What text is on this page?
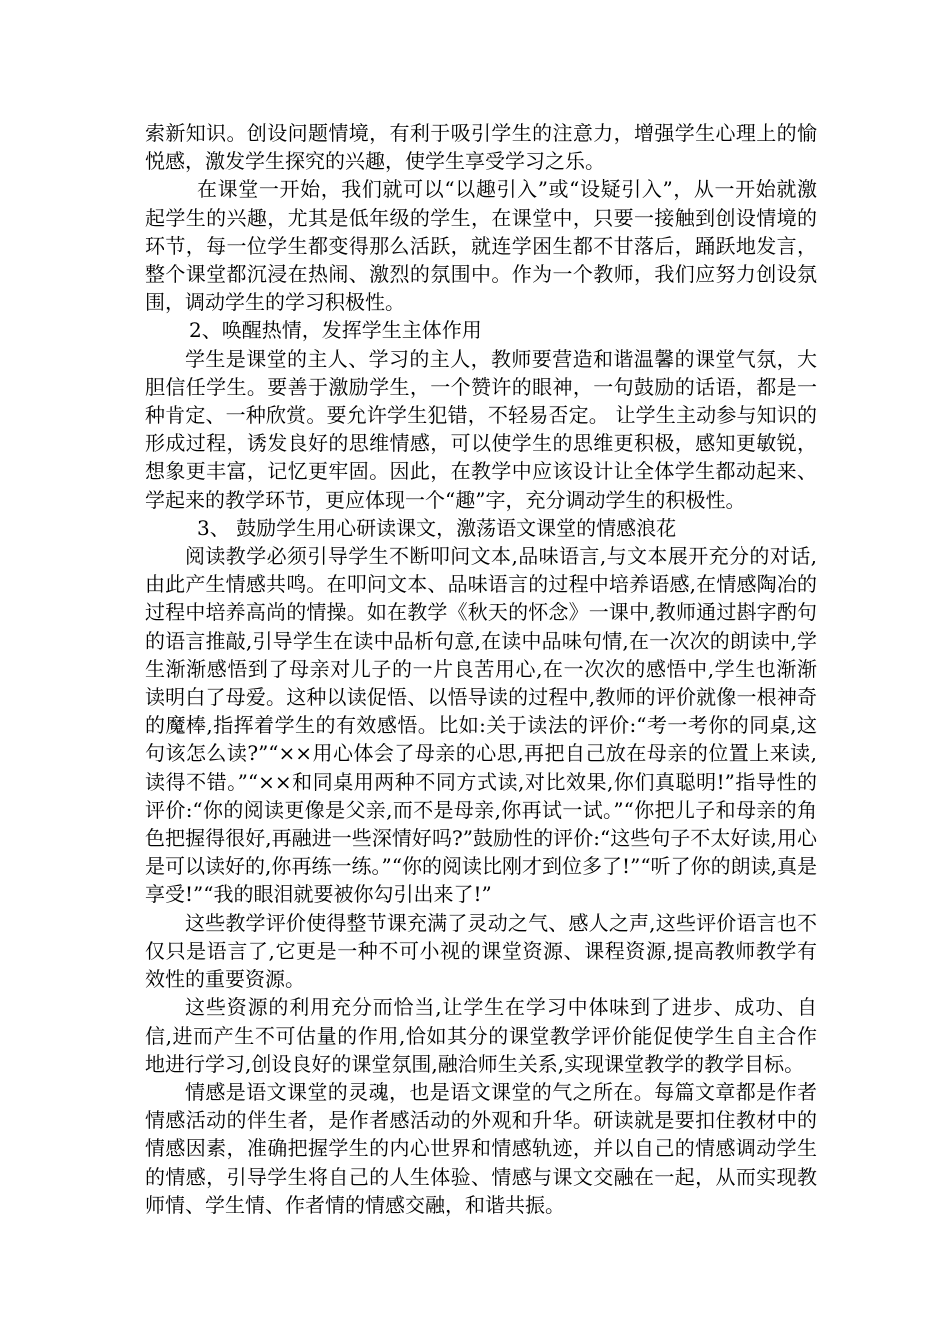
索新知识。创设问题情境，有利于吸引学生的注意力，增强学生心理上的愉悦感，激发学生探究的兴趣，使学生享受学习之乐。

在课堂一开始，我们就可以“以趣引入”或“设疑引入”，从一开始就激起学生的兴趣，尤其是低年级的学生，在课堂中，只要一接触到创设情境的环节，每一位学生都变得那么活跃，就连学困生都不甘落后，踊跃地发言，整个课堂都沉浸在热闹、激烈的氛围中。作为一个教师，我们应努力创设氛围，调动学生的学习积极性。

2、唤醒热情，发挥学生主体作用

学生是课堂的主人、学习的主人，教师要营造和谐温馨的课堂气氛，大胆信任学生。要善于激励学生，一个赞许的眼神，一句鼓励的话语，都是一种肯定、一种欣赏。要允许学生犯错，不轻易否定。 让学生主动参与知识的形成过程，诱发良好的思维情感，可以使学生的思维更积极，感知更敏锐，想象更丰富，记忆更牢固。因此，在教学中应该设计让全体学生都动起来、学起来的教学环节，更应体现一个“趣”字，充分调动学生的积极性。

3、 鼓励学生用心研读课文，激荡语文课堂的情感浪花

阅读教学必须引导学生不断叩问文本,品味语言,与文本展开充分的对话,由此产生情感共鸣。在叩问文本、品味语言的过程中培养语感,在情感陶冶的过程中培养高尚的情操。如在教学《秋天的怀念》一课中,教师通过斟字酌句的语言推敲,引导学生在读中品析句意,在读中品味句情,在一次次的朗读中,学生渐渐感悟到了母亲对儿子的一片良苦用心,在一次次的感悟中,学生也渐渐读明白了母爱。这种以读促悟、以悟导读的过程中,教师的评价就像一根神奇的魔棒,指挥着学生的有效感悟。比如:关于读法的评价:“考一考你的同桌,这句该怎么读?”“××用心体会了母亲的心思,再把自己放在母亲的位置上来读,读得不错。”“××和同桌用两种不同方式读,对比效果,你们真聪明!”指导性的评价:“你的阅读更像是父亲,而不是母亲,你再试一试。”“你把儿子和母亲的角色把握得很好,再融进一些深情好吗?”鼓励性的评价:“这些句子不太好读,用心是可以读好的,你再练一练。”“你的阅读比刚才到位多了!”“听了你的朗读,真是享受!”“我的眼泪就要被你勾引出来了!”

这些教学评价使得整节课充满了灵动之气、感人之声,这些评价语言也不仅只是语言了,它更是一种不可小视的课堂资源、课程资源,提高教师教学有效性的重要资源。

这些资源的利用充分而恰当,让学生在学习中体味到了进步、成功、自信,进而产生不可估量的作用,恰如其分的课堂教学评价能促使学生自主合作地进行学习,创设良好的课堂氛围,融洽师生关系,实现课堂教学的教学目标。

情感是语文课堂的灵魂，也是语文课堂的气之所在。每篇文章都是作者情感活动的伴生者，是作者感活动的外观和升华。研读就是要扣住教材中的情感因素，准确把握学生的内心世界和情感轨迹，并以自己的情感调动学生的情感，引导学生将自己的人生体验、情感与课文交融在一起，从而实现教师情、学生情、作者情的情感交融，和谐共振。
